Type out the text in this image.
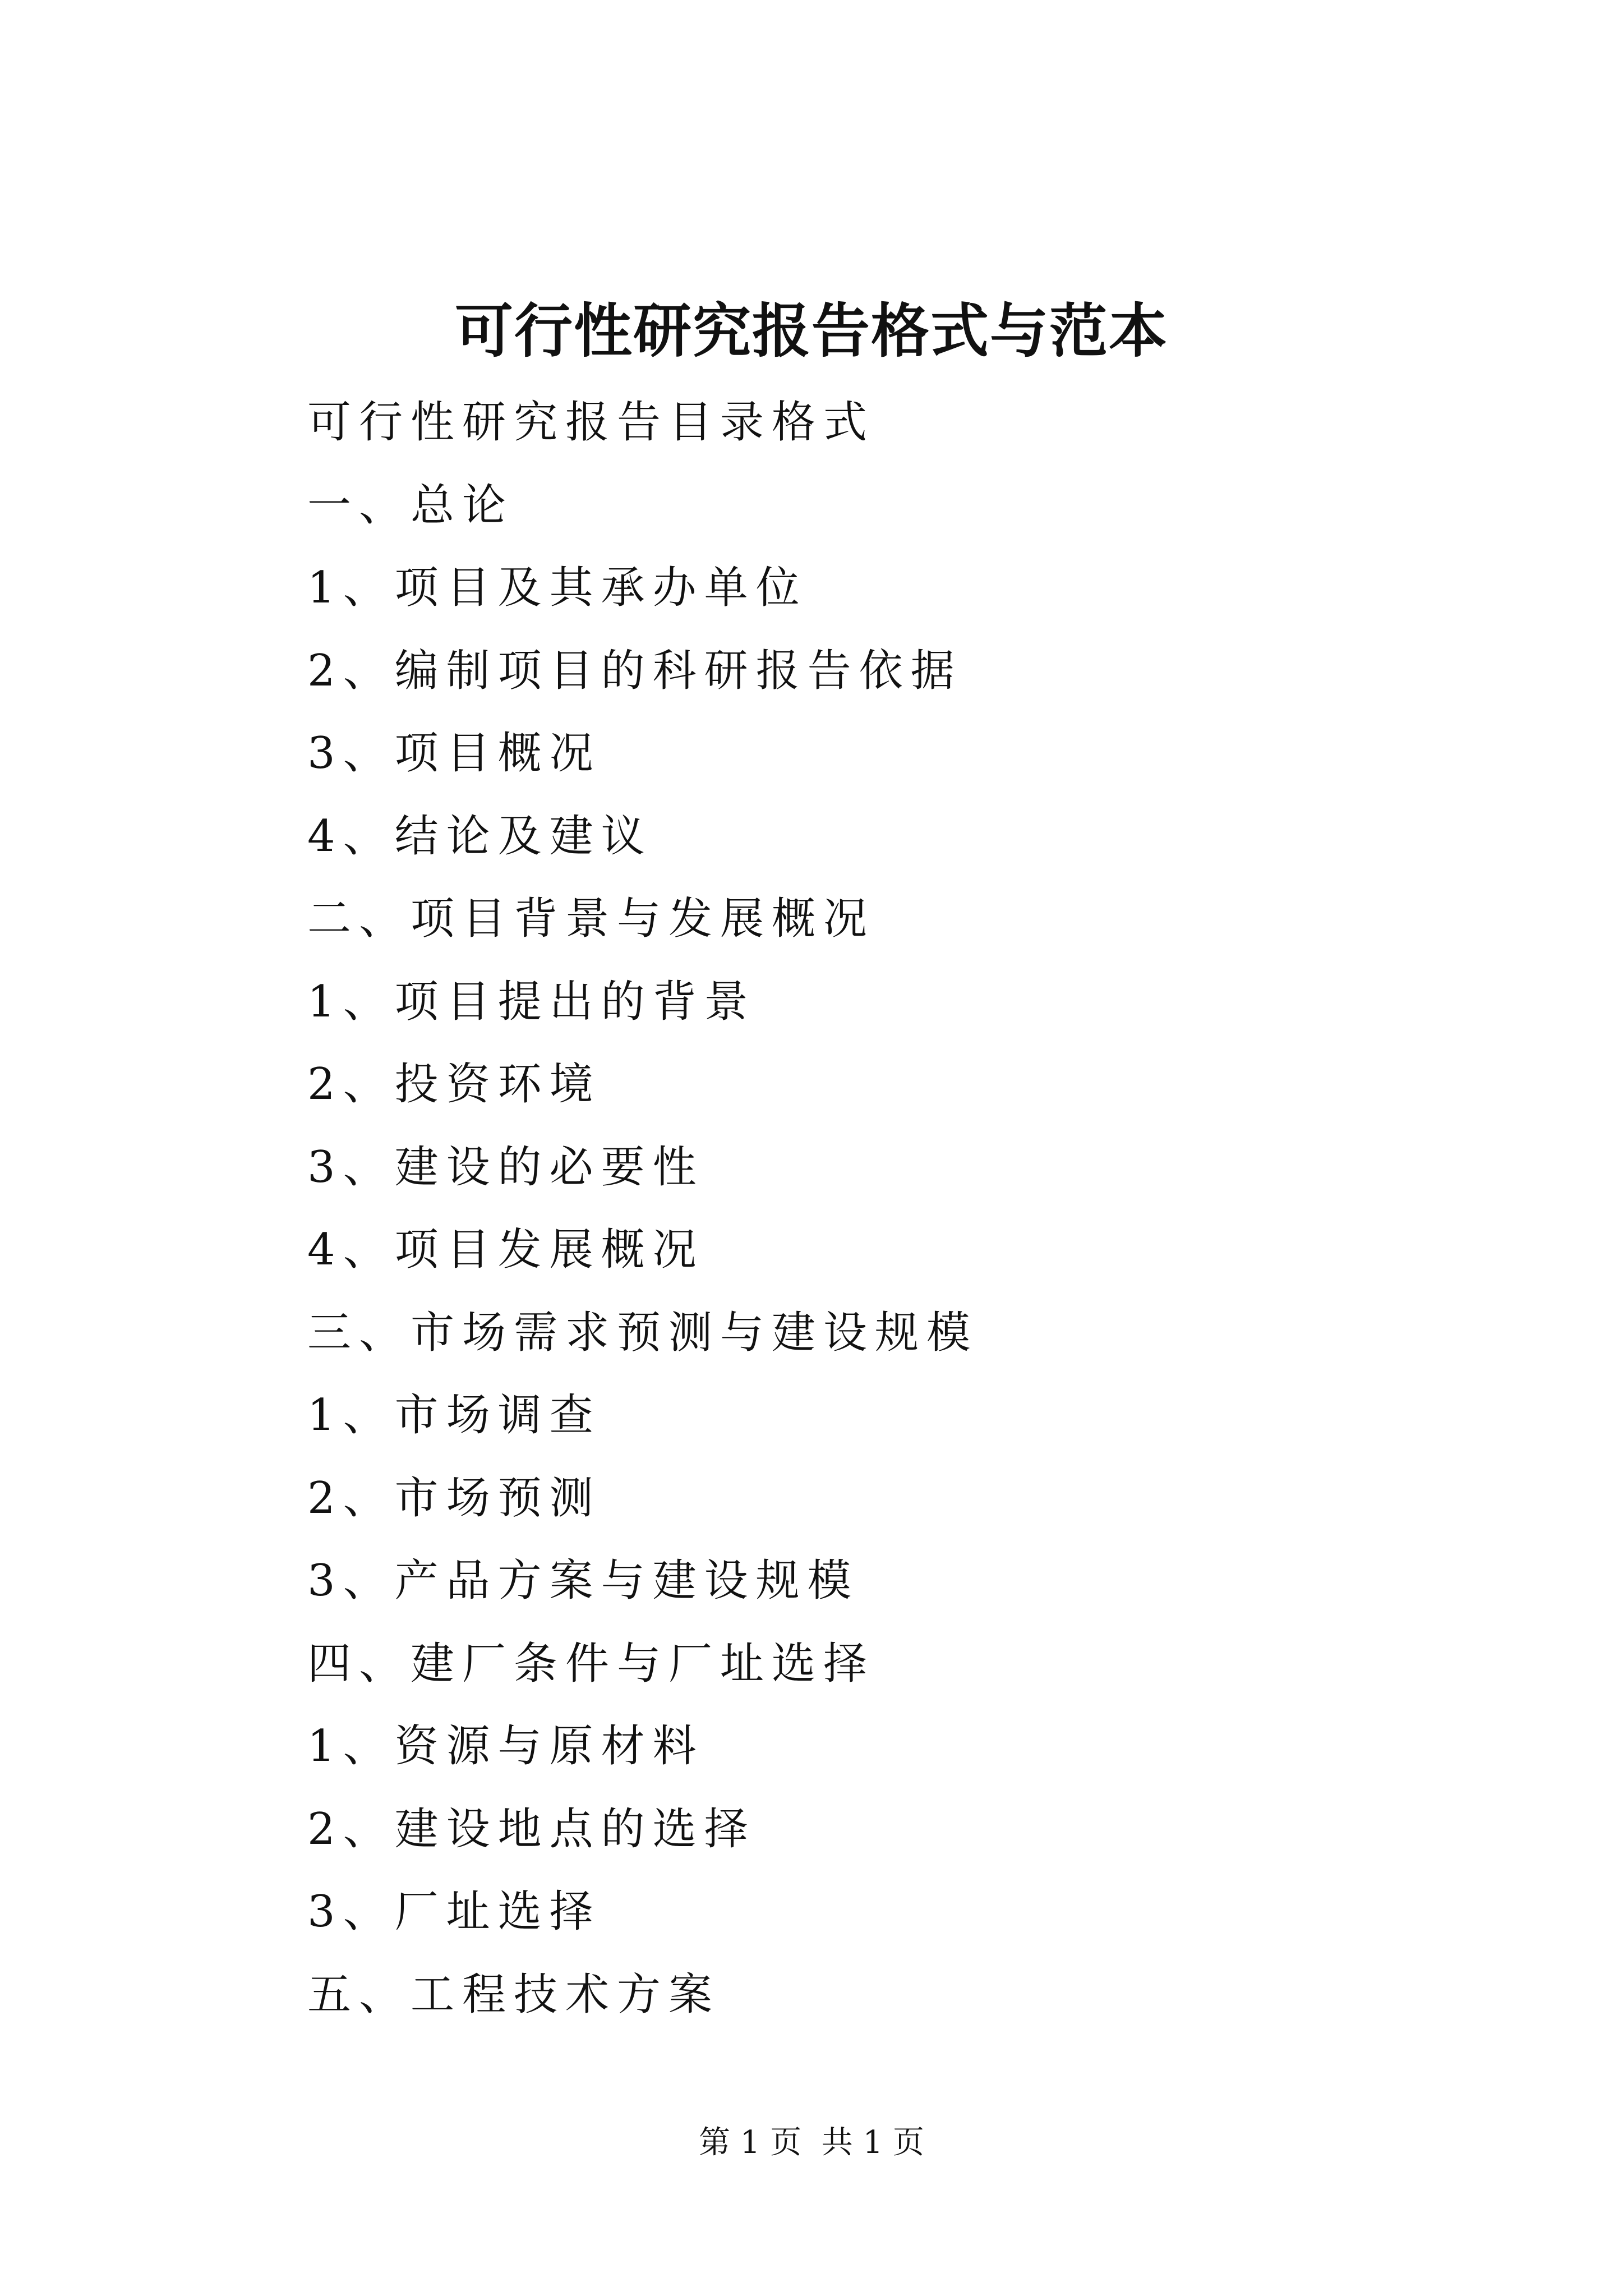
可行性研究报告格式与范本
可行性研究报告目录格式
一、总论
1、项目及其承办单位
2、编制项目的科研报告依据
3、项目概况
4、结论及建议
二、项目背景与发展概况
1、项目提出的背景
2、投资环境
3、建设的必要性
4、项目发展概况
三、市场需求预测与建设规模
1、市场调查
2、市场预测
3、产品方案与建设规模
四、建厂条件与厂址选择
1、资源与原材料
2、建设地点的选择
3、厂址选择
五、工程技术方案
第 1 页  共 1 页
